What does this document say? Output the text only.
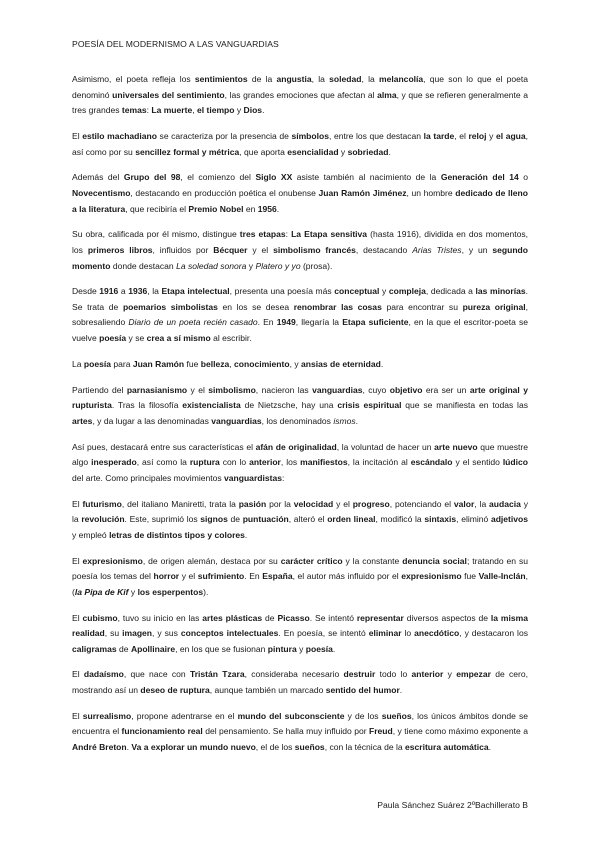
POESÍA DEL MODERNISMO A LAS VANGUARDIAS

Asimismo, el poeta refleja los sentimientos de la angustia, la soledad, la melancolía, que son lo que el poeta denominó universales del sentimiento, las grandes emociones que afectan al alma, y que se refieren generalmente a tres grandes temas: La muerte, el tiempo y Dios.

El estilo machadiano se caracteriza por la presencia de símbolos, entre los que destacan la tarde, el reloj y el agua, así como por su sencillez formal y métrica, que aporta esencialidad y sobriedad.

Además del Grupo del 98, el comienzo del Siglo XX asiste también al nacimiento de la Generación del 14 o Novecentismo, destacando en producción poética el onubense Juan Ramón Jiménez, un hombre dedicado de lleno a la literatura, que recibiría el Premio Nobel en 1956.

Su obra, calificada por él mismo, distingue tres etapas: La Etapa sensitiva (hasta 1916), dividida en dos momentos, los primeros libros, influidos por Bécquer y el simbolismo francés, destacando Arias Tristes, y un segundo momento donde destacan La soledad sonora y Platero y yo (prosa).

Desde 1916 a 1936, la Etapa intelectual, presenta una poesía más conceptual y compleja, dedicada a las minorías. Se trata de poemarios simbolistas en los se desea renombrar las cosas para encontrar su pureza original, sobresaliendo Diario de un poeta recién casado. En 1949, llegaría la Etapa suficiente, en la que el escritor-poeta se vuelve poesía y se crea a sí mismo al escribir.

La poesía para Juan Ramón fue belleza, conocimiento, y ansias de eternidad.

Partiendo del parnasianismo y el simbolismo, nacieron las vanguardias, cuyo objetivo era ser un arte original y rupturista. Tras la filosofía existencialista de Nietzsche, hay una crisis espiritual que se manifiesta en todas las artes, y da lugar a las denominadas vanguardias, los denominados ismos.

Así pues, destacará entre sus características el afán de originalidad, la voluntad de hacer un arte nuevo que muestre algo inesperado, así como la ruptura con lo anterior, los manifiestos, la incitación al escándalo y el sentido lúdico del arte. Como principales movimientos vanguardistas:

El futurismo, del italiano Maniretti, trata la pasión por la velocidad y el progreso, potenciando el valor, la audacia y la revolución. Este, suprimió los signos de puntuación, alteró el orden lineal, modificó la sintaxis, eliminó adjetivos y empleó letras de distintos tipos y colores.

El expresionismo, de origen alemán, destaca por su carácter crítico y la constante denuncia social; tratando en su poesía los temas del horror y el sufrimiento. En España, el autor más influido por el expresionismo fue Valle-Inclán, (la Pipa de Kif y los esperpentos).

El cubismo, tuvo su inicio en las artes plásticas de Picasso. Se intentó representar diversos aspectos de la misma realidad, su imagen, y sus conceptos intelectuales. En poesía, se intentó eliminar lo anecdótico, y destacaron los caligramas de Apollinaire, en los que se fusionan pintura y poesía.

El dadaísmo, que nace con Tristán Tzara, consideraba necesario destruir todo lo anterior y empezar de cero, mostrando así un deseo de ruptura, aunque también un marcado sentido del humor.

El surrealismo, propone adentrarse en el mundo del subconsciente y de los sueños, los únicos ámbitos donde se encuentra el funcionamiento real del pensamiento. Se halla muy influido por Freud, y tiene como máximo exponente a André Breton. Va a explorar un mundo nuevo, el de los sueños, con la técnica de la escritura automática.

Paula Sánchez Suárez 2ºBachillerato B
